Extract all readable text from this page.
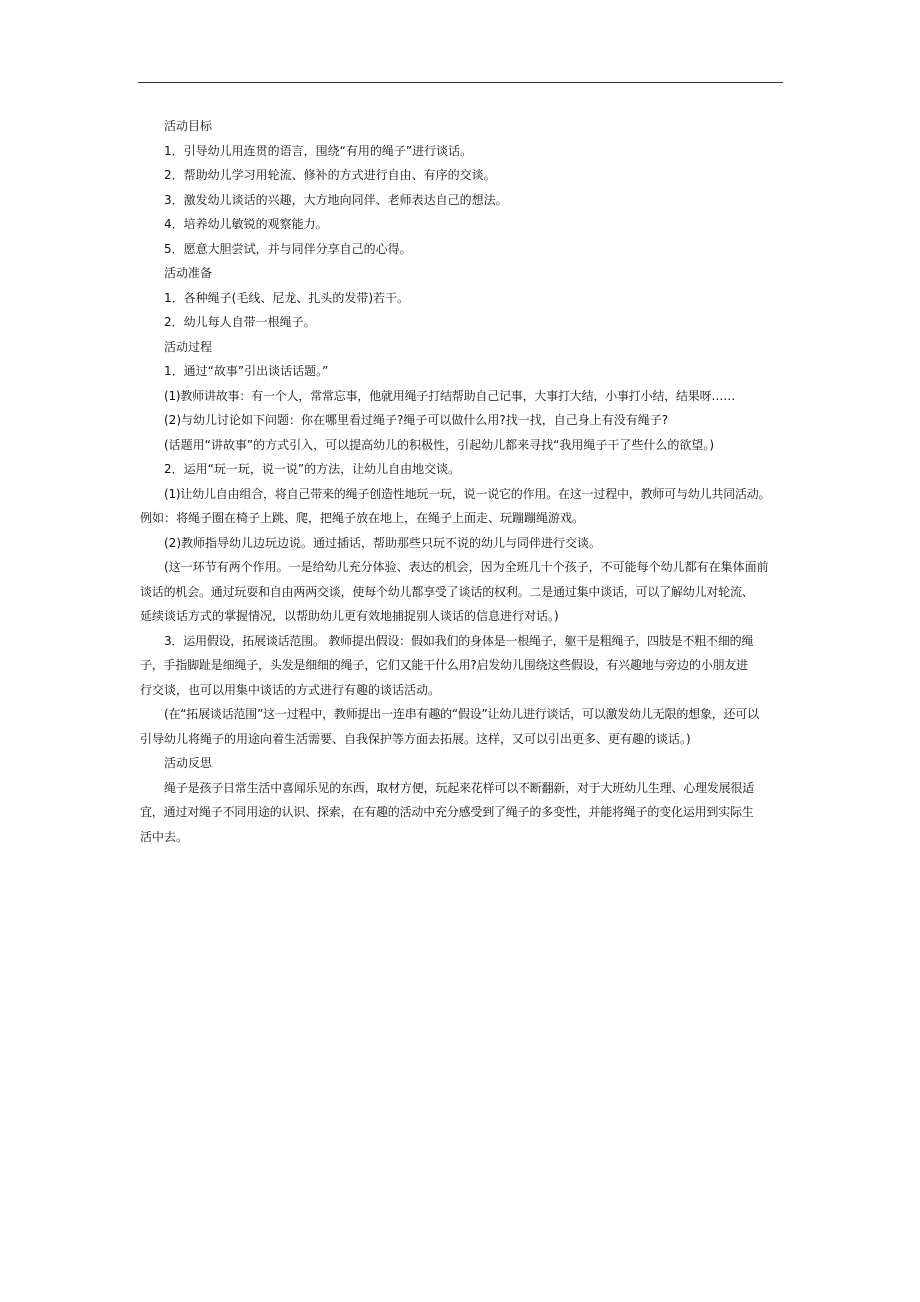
活动目标
1．引导幼儿用连贯的语言，围绕“有用的绳子”进行谈话。
2．帮助幼儿学习用轮流、修补的方式进行自由、有序的交谈。
3．激发幼儿谈话的兴趣，大方地向同伴、老师表达自己的想法。
4．培养幼儿敏锐的观察能力。
5．愿意大胆尝试，并与同伴分享自己的心得。
活动准备
1．各种绳子(毛线、尼龙、扎头的发带)若干。
2．幼儿每人自带一根绳子。
活动过程
1．通过“故事”引出谈话话题。”
(1)教师讲故事：有一个人，常常忘事，他就用绳子打结帮助自己记事，大事打大结，小事打小结，结果呀……
(2)与幼儿讨论如下问题：你在哪里看过绳子?绳子可以做什么用?找一找，自己身上有没有绳子?
(话题用“讲故事”的方式引入，可以提高幼儿的积极性，引起幼儿都来寻找“我用绳子干了些什么的欲望。)
2．运用“玩一玩，说一说”的方法，让幼儿自由地交谈。
(1)让幼儿自由组合，将自己带来的绳子创造性地玩一玩，说一说它的作用。在这一过程中，教师可与幼儿共同活动。
例如：将绳子圈在椅子上跳、爬，把绳子放在地上，在绳子上面走、玩蹦蹦绳游戏。
(2)教师指导幼儿边玩边说。通过插话，帮助那些只玩不说的幼儿与同伴进行交谈。
(这一环节有两个作用。一是给幼儿充分体验、表达的机会，因为全班几十个孩子，不可能每个幼儿都有在集体面前
谈话的机会。通过玩耍和自由两两交谈，使每个幼儿都享受了谈话的权利。二是通过集中谈话，可以了解幼儿对轮流、
延续谈话方式的掌握情况，以帮助幼儿更有效地捕捉别人谈话的信息进行对话。)
3．运用假设，拓展谈话范围。 教师提出假设：假如我们的身体是一根绳子，躯干是粗绳子，四肢是不粗不细的绳
子，手指脚趾是细绳子，头发是细细的绳子，它们又能干什么用?启发幼儿围绕这些假设，有兴趣地与旁边的小朋友进
行交谈，也可以用集中谈话的方式进行有趣的谈话活动。
(在“拓展谈话范围”这一过程中，教师提出一连串有趣的“假设”让幼儿进行谈话，可以激发幼儿无限的想象，还可以
引导幼儿将绳子的用途向着生活需要、自我保护等方面去拓展。这样，又可以引出更多、更有趣的谈话。)
活动反思
绳子是孩子日常生活中喜闻乐见的东西，取材方便，玩起来花样可以不断翻新，对于大班幼儿生理、心理发展很适
宜，通过对绳子不同用途的认识、探索，在有趣的活动中充分感受到了绳子的多变性，并能将绳子的变化运用到实际生
活中去。
